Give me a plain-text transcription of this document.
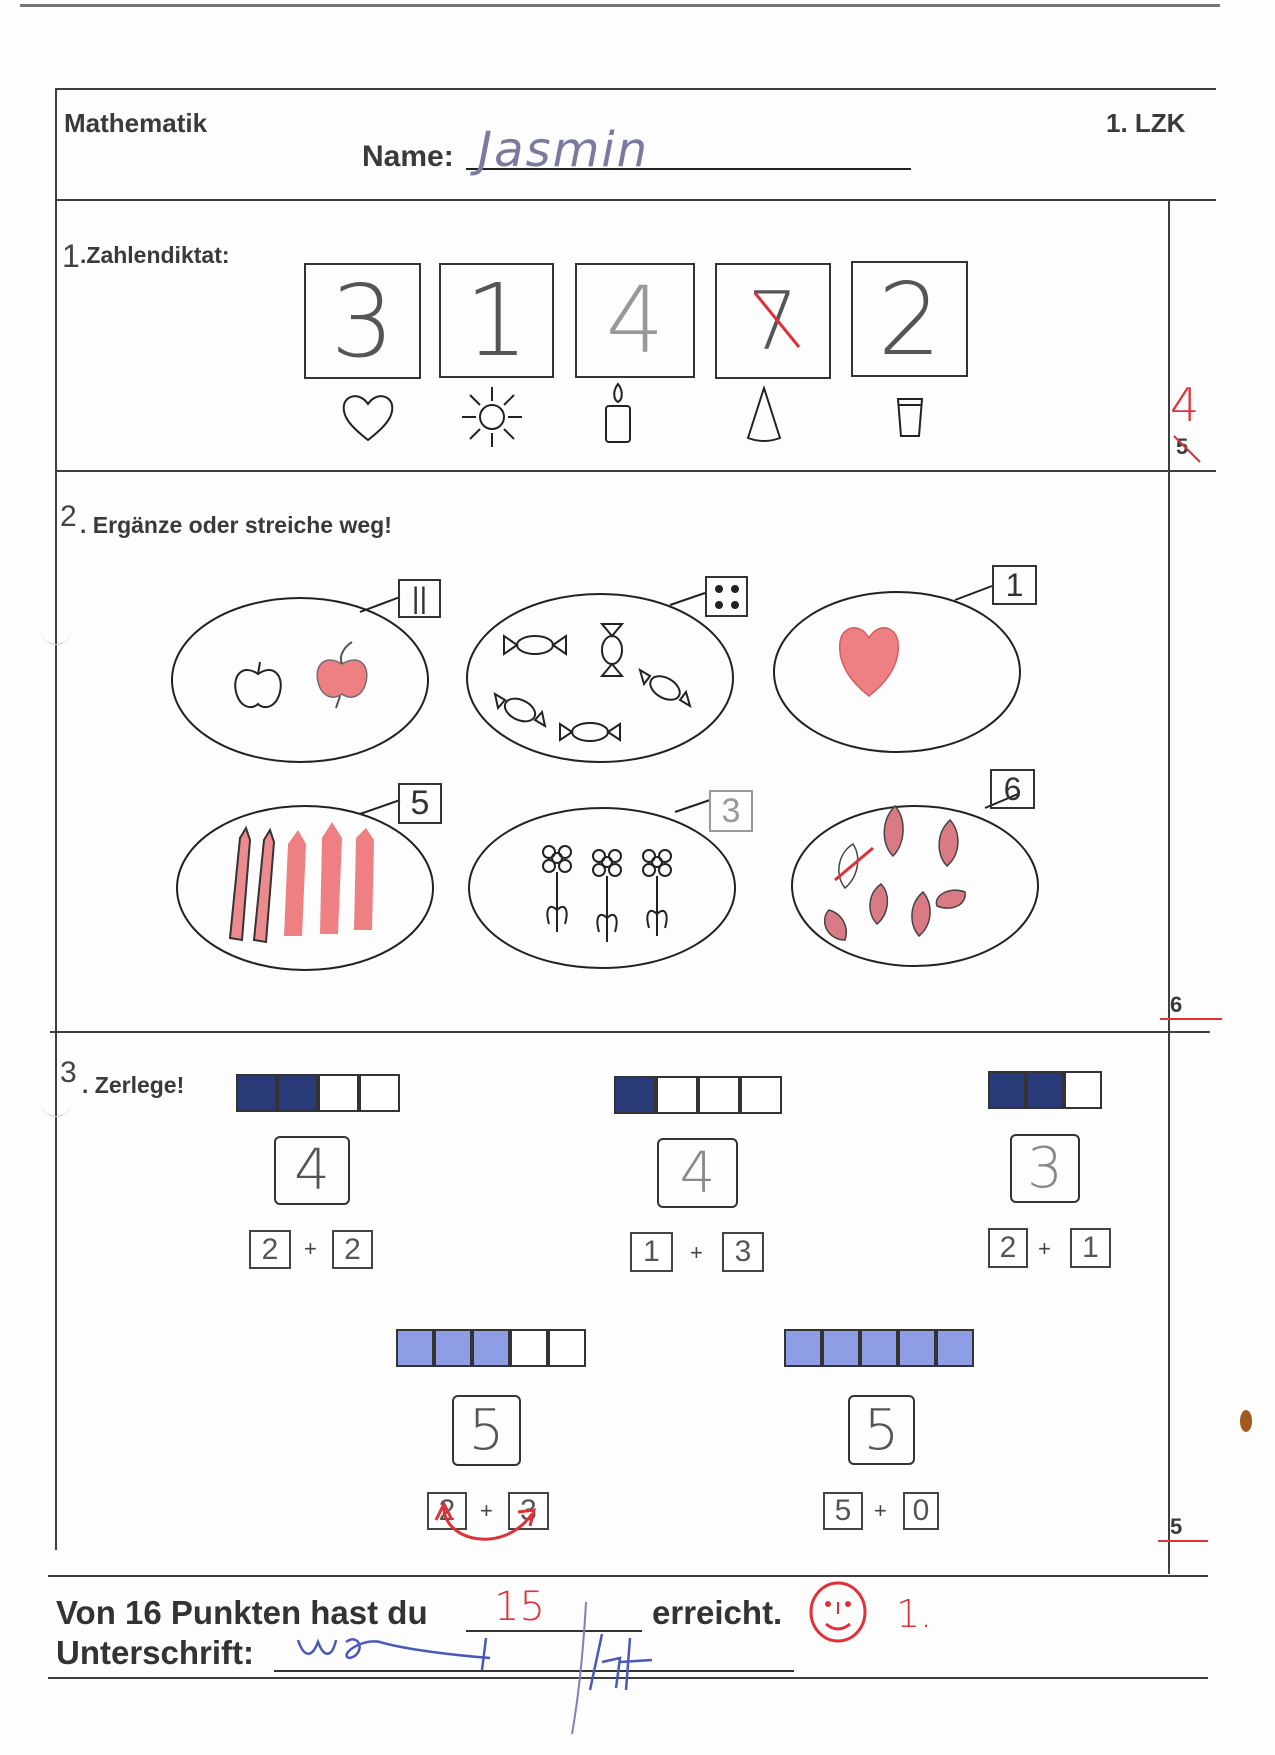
Mathematik	1. LZK
Name: Jasmin
1 .Zahlendiktat:
3 1 4 7 2
4
5
2 . Ergänze oder streiche weg!
||	1
5	3
6
6
3 . Zerlege!
4	4	3
5	5
2	+ 2	1	+	3	2 +	1
2	+ 3	5	+ 0	5
Von 16 Punkten hast du 15	erreicht.	1.
Unterschrift:
